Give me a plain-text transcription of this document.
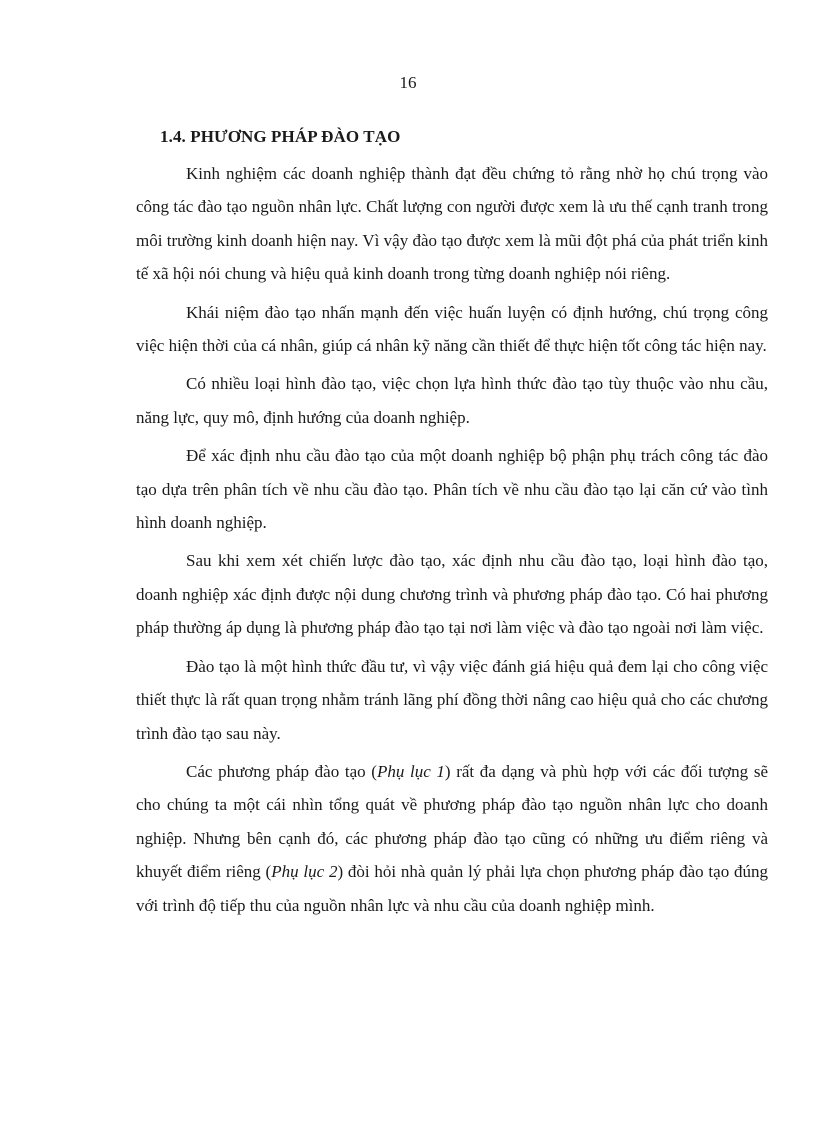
16
1.4. PHƯƠNG PHÁP ĐÀO TẠO

Kinh nghiệm các doanh nghiệp thành đạt đều chứng tỏ rằng nhờ họ chú trọng vào công tác đào tạo nguồn nhân lực. Chất lượng con người được xem là ưu thế cạnh tranh trong môi trường kinh doanh hiện nay. Vì vậy đào tạo được xem là mũi đột phá của phát triển kinh tế xã hội nói chung và hiệu quả kinh doanh trong từng doanh nghiệp nói riêng.

Khái niệm đào tạo nhấn mạnh đến việc huấn luyện có định hướng, chú trọng công việc hiện thời của cá nhân, giúp cá nhân kỹ năng cần thiết để thực hiện tốt công tác hiện nay.

Có nhiều loại hình đào tạo, việc chọn lựa hình thức đào tạo tùy thuộc vào nhu cầu, năng lực, quy mô, định hướng của doanh nghiệp.

Để xác định nhu cầu đào tạo của một doanh nghiệp bộ phận phụ trách công tác đào tạo dựa trên phân tích về nhu cầu đào tạo. Phân tích về nhu cầu đào tạo lại căn cứ vào tình hình doanh nghiệp.

Sau khi xem xét chiến lược đào tạo, xác định nhu cầu đào tạo, loại hình đào tạo, doanh nghiệp xác định được nội dung chương trình và phương pháp đào tạo. Có hai phương pháp thường áp dụng là phương pháp đào tạo tại nơi làm việc và đào tạo ngoài nơi làm việc.

Đào tạo là một hình thức đầu tư, vì vậy việc đánh giá hiệu quả đem lại cho công việc thiết thực là rất quan trọng nhằm tránh lãng phí đồng thời nâng cao hiệu quả cho các chương trình đào tạo sau này.

Các phương pháp đào tạo (Phụ lục 1) rất đa dạng và phù hợp với các đối tượng sẽ cho chúng ta một cái nhìn tổng quát về phương pháp đào tạo nguồn nhân lực cho doanh nghiệp. Nhưng bên cạnh đó, các phương pháp đào tạo cũng có những ưu điểm riêng và khuyết điểm riêng (Phụ lục 2) đòi hỏi nhà quản lý phải lựa chọn phương pháp đào tạo đúng với trình độ tiếp thu của nguồn nhân lực và nhu cầu của doanh nghiệp mình.
